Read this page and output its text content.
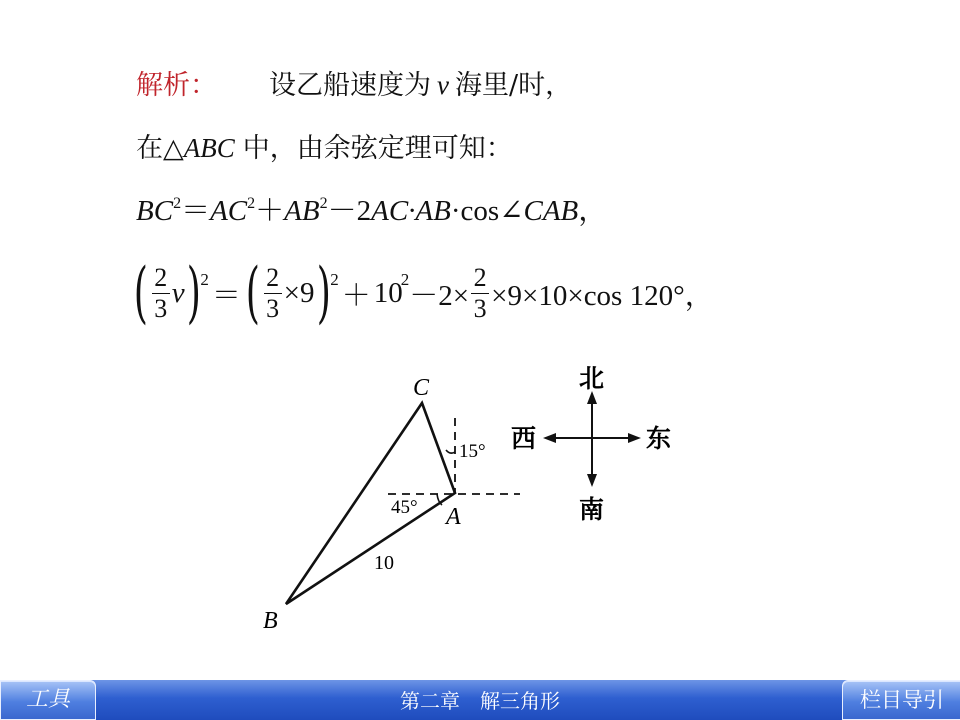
解析： 设乙船速度为 v 海里/时，
在△ABC 中，由余弦定理可知：
$BC^2=AC^2+AB^2-2AC\cdot AB\cdot\cos\angle CAB$，
( $\frac{2}{3}$ v ) 2 ＝ ( $\frac{2}{3} \times 9$ ) 2 ＋ 10
$2 -2\times \frac{2}{3} \times 9\times 10\times\cos$ 120°，
C
A
B
15°
45°
10
北
南
西	东
第二章　解三角形
工具	栏目导引
